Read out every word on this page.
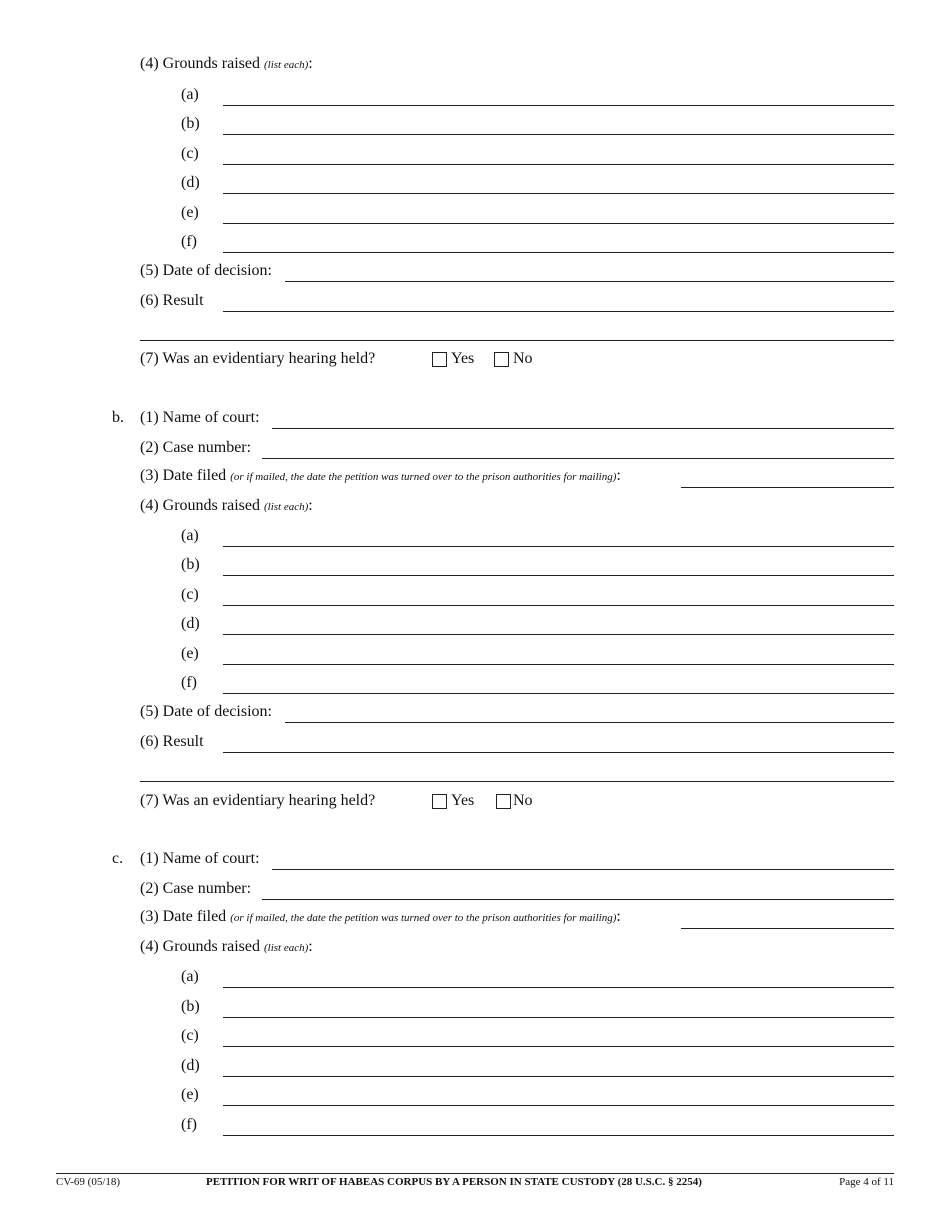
(4) Grounds raised (list each):
(a)
(b)
(c)
(d)
(e)
(f)
(5) Date of decision:
(6) Result
(7) Was an evidentiary hearing held?	Yes No
b. (1) Name of court:
(2) Case number:
(3) Date filed (or if mailed, the date the petition was turned over to the prison authorities for mailing):
(4) Grounds raised (list each):
(a)
(b)
(c)
(d)
(e)
(f)
(5) Date of decision:
(6) Result
(7) Was an evidentiary hearing held?	Yes No
c. (1) Name of court:
(2) Case number:
(3) Date filed (or if mailed, the date the petition was turned over to the prison authorities for mailing):
(4) Grounds raised (list each):
(a)
(b)
(c)
(d)
(e)
(f)
CV-69 (05/18)	PETITION FOR WRIT OF HABEAS CORPUS BY A PERSON IN STATE CUSTODY (28 U.S.C. § 2254)	Page 4 of 11
